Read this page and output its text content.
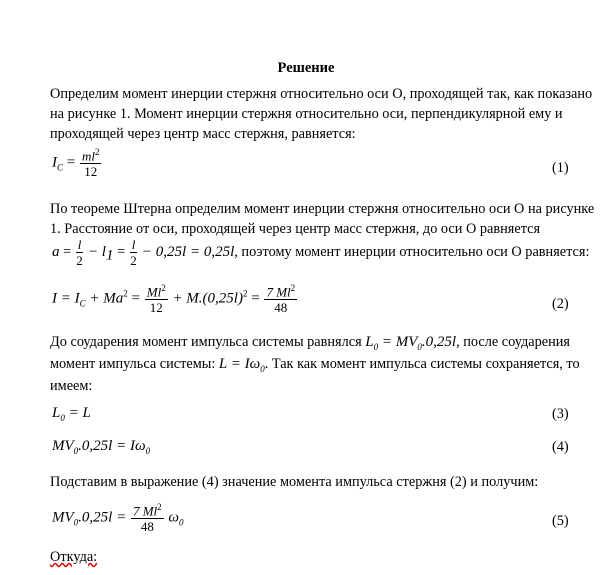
Решение
Определим момент инерции стержня относительно оси O, проходящей так, как показано
на рисунке 1. Момент инерции стержня относительно оси, перпендикулярной ему и
проходящей через центр масс стержня, равняется:
$I_C = \frac{ml^2}{12}$	(1)
По теореме Штерна определим момент инерции стержня относительно оси O на рисунке
1. Расстояние от оси, проходящей через центр масс стержня, до оси O равняется
$a = \frac{l}{2} - l_1 = \frac{l}{2} - 0,25l = 0,25l$, поэтому момент инерции относительно оси O равняется:
$I = I_C + Ma^2 = \frac{Ml^2}{12} + M.(0,25l)^2 = \frac{7 Ml^2}{48}$	(2)
До соударения момент импульса системы равнялся $L_0 = MV_0.0,25l$, после соударения
момент импульса системы: $L = I\omega_0$. Так как момент импульса системы сохраняется, то
имеем:
$L_0 = L$	(3)
$MV_0.0,25l = I\omega_0$	(4)
Подставим в выражение (4) значение момента импульса стержня (2) и получим:
$MV_0.0,25l = \frac{7 Ml^2}{48} \omega_0$	(5)
Откуда:
